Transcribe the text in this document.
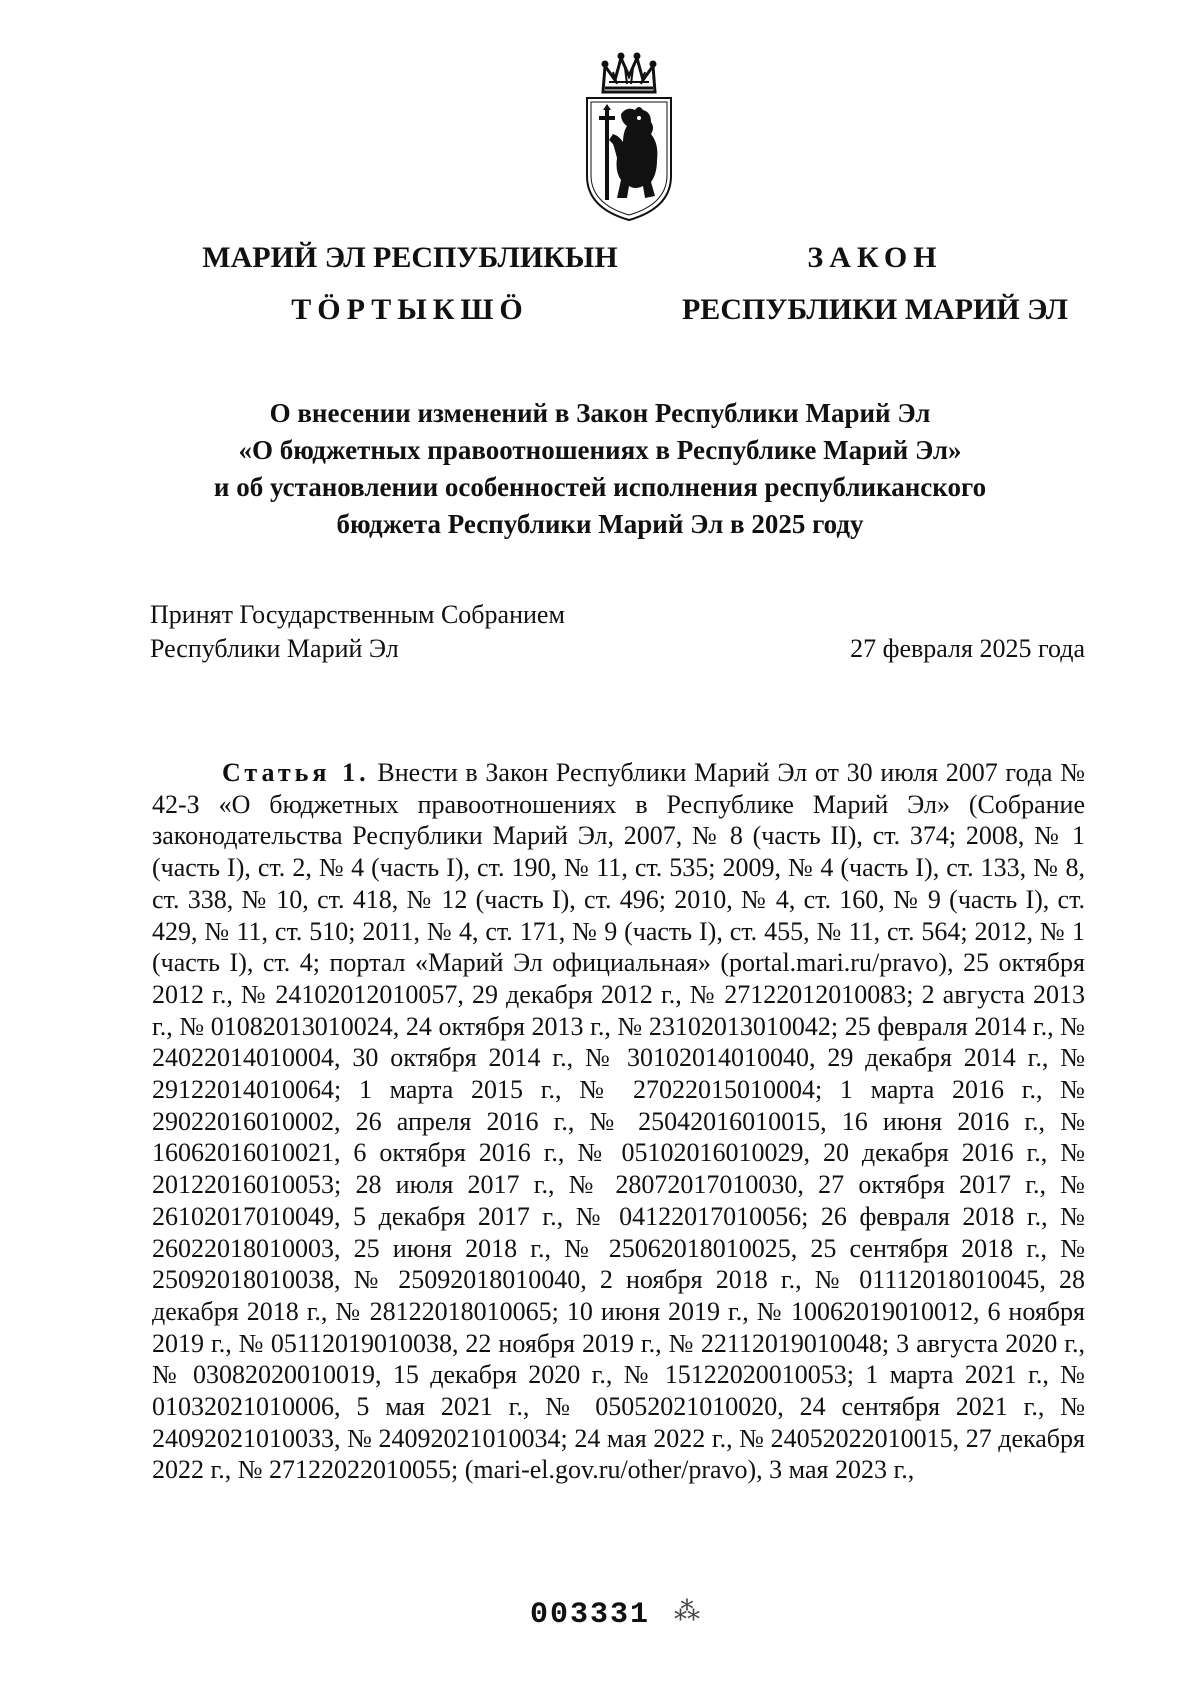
МАРИЙ ЭЛ РЕСПУБЛИКЫН
ТӦРТЫКШӦ
ЗАКОН
РЕСПУБЛИКИ МАРИЙ ЭЛ
О внесении изменений в Закон Республики Марий Эл
«О бюджетных правоотношениях в Республике Марий Эл»
и об установлении особенностей исполнения республиканского
бюджета Республики Марий Эл в 2025 году
Принят Государственным Собранием
Республики Марий Эл	27 февраля 2025 года

Статья 1. Внести в Закон Республики Марий Эл от 30 июля 2007 года № 42-З «О бюджетных правоотношениях в Республике Марий Эл» (Собрание законодательства Республики Марий Эл, 2007, № 8 (часть II), ст. 374; 2008, № 1 (часть I), ст. 2, № 4 (часть I), ст. 190, № 11, ст. 535; 2009, № 4 (часть I), ст. 133, № 8, ст. 338, № 10, ст. 418, № 12 (часть I), ст. 496; 2010, № 4, ст. 160, № 9 (часть I), ст. 429, № 11, ст. 510; 2011, № 4, ст. 171, № 9 (часть I), ст. 455, № 11, ст. 564; 2012, № 1 (часть I), ст. 4; портал «Марий Эл официальная» (portal.mari.ru/pravo), 25 октября 2012 г., № 24102012010057, 29 декабря 2012 г., № 27122012010083; 2 августа 2013 г., № 01082013010024, 24 октября 2013 г., № 23102013010042; 25 февраля 2014 г., № 24022014010004, 30 октября 2014 г., № 30102014010040, 29 декабря 2014 г., № 29122014010064; 1 марта 2015 г., № 27022015010004; 1 марта 2016 г., № 29022016010002, 26 апреля 2016 г., № 25042016010015, 16 июня 2016 г., № 16062016010021, 6 октября 2016 г., № 05102016010029, 20 декабря 2016 г., № 20122016010053; 28 июля 2017 г., № 28072017010030, 27 октября 2017 г., № 26102017010049, 5 декабря 2017 г., № 04122017010056; 26 февраля 2018 г., № 26022018010003, 25 июня 2018 г., № 25062018010025, 25 сентября 2018 г., № 25092018010038, № 25092018010040, 2 ноября 2018 г., № 01112018010045, 28 декабря 2018 г., № 28122018010065; 10 июня 2019 г., № 10062019010012, 6 ноября 2019 г., № 05112019010038, 22 ноября 2019 г., № 22112019010048; 3 августа 2020 г., № 03082020010019, 15 декабря 2020 г., № 15122020010053; 1 марта 2021 г., № 01032021010006, 5 мая 2021 г., № 05052021010020, 24 сентября 2021 г., № 24092021010033, № 24092021010034; 24 мая 2022 г., № 24052022010015, 27 декабря 2022 г., № 27122022010055; (mari-el.gov.ru/other/pravo), 3 мая 2023 г.,

003331 ⁂
